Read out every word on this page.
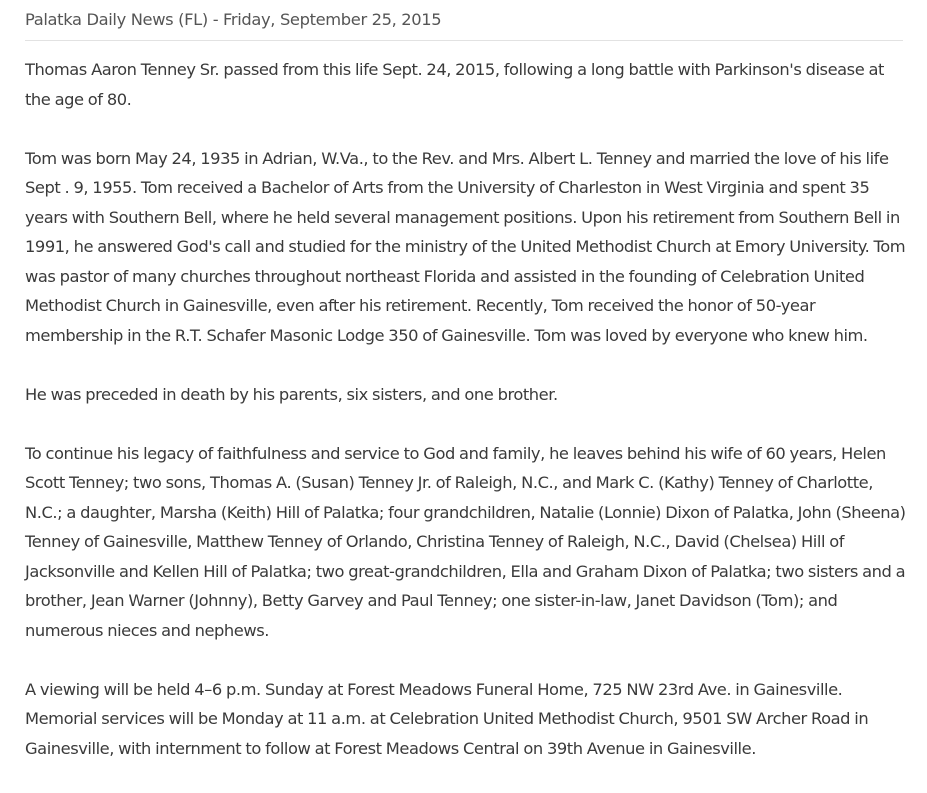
Palatka Daily News (FL) - Friday, September 25, 2015

Thomas Aaron Tenney Sr. passed from this life Sept. 24, 2015, following a long battle with Parkinson's disease at the age of 80.

Tom was born May 24, 1935 in Adrian, W.Va., to the Rev. and Mrs. Albert L. Tenney and married the love of his life Sept . 9, 1955. Tom received a Bachelor of Arts from the University of Charleston in West Virginia and spent 35 years with Southern Bell, where he held several management positions. Upon his retirement from Southern Bell in 1991, he answered God's call and studied for the ministry of the United Methodist Church at Emory University. Tom was pastor of many churches throughout northeast Florida and assisted in the founding of Celebration United Methodist Church in Gainesville, even after his retirement. Recently, Tom received the honor of 50-year membership in the R.T. Schafer Masonic Lodge 350 of Gainesville. Tom was loved by everyone who knew him.

He was preceded in death by his parents, six sisters, and one brother.

To continue his legacy of faithfulness and service to God and family, he leaves behind his wife of 60 years, Helen Scott Tenney; two sons, Thomas A. (Susan) Tenney Jr. of Raleigh, N.C., and Mark C. (Kathy) Tenney of Charlotte, N.C.; a daughter, Marsha (Keith) Hill of Palatka; four grandchildren, Natalie (Lonnie) Dixon of Palatka, John (Sheena) Tenney of Gainesville, Matthew Tenney of Orlando, Christina Tenney of Raleigh, N.C., David (Chelsea) Hill of Jacksonville and Kellen Hill of Palatka; two great-grandchildren, Ella and Graham Dixon of Palatka; two sisters and a brother, Jean Warner (Johnny), Betty Garvey and Paul Tenney; one sister-in-law, Janet Davidson (Tom); and numerous nieces and nephews.

A viewing will be held 4–6 p.m. Sunday at Forest Meadows Funeral Home, 725 NW 23rd Ave. in Gainesville. Memorial services will be Monday at 11 a.m. at Celebration United Methodist Church, 9501 SW Archer Road in Gainesville, with internment to follow at Forest Meadows Central on 39th Avenue in Gainesville.
